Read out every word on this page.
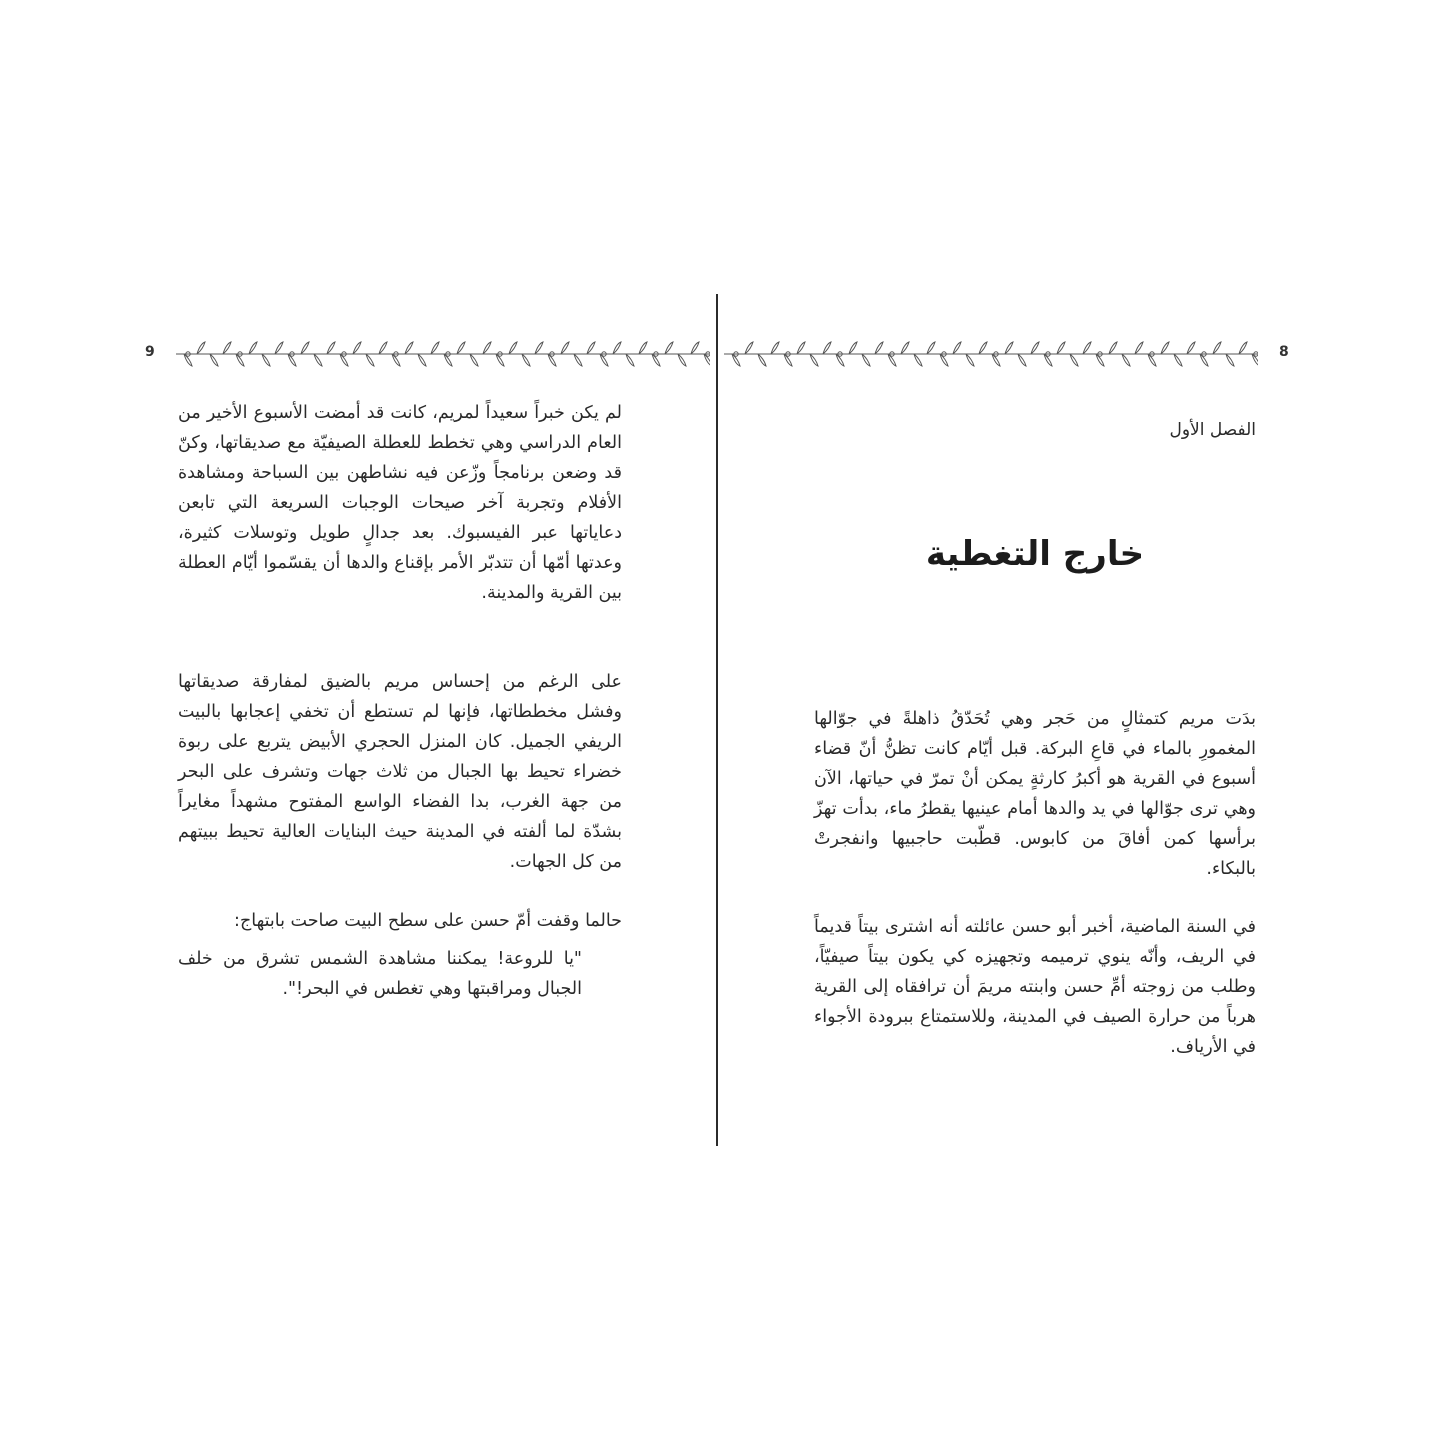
9

لم يكن خبراً سعيداً لمريم، كانت قد أمضت الأسبوع الأخير من العام الدراسي وهي تخطط للعطلة الصيفيّة مع صديقاتها، وكنّ قد وضعن برنامجاً وزّعن فيه نشاطهن بين السباحة ومشاهدة الأفلام وتجربة آخر صيحات الوجبات السريعة التي تابعن دعاياتها عبر الفيسبوك. بعد جدالٍ طويل وتوسلات كثيرة، وعدتها أمّها أن تتدبّر الأمر بإقناع والدها أن يقسّموا أيّام العطلة بين القرية والمدينة.

على الرغم من إحساس مريم بالضيق لمفارقة صديقاتها وفشل مخططاتها، فإنها لم تستطع أن تخفي إعجابها بالبيت الريفي الجميل. كان المنزل الحجري الأبيض يتربع على ربوة خضراء تحيط بها الجبال من ثلاث جهات وتشرف على البحر من جهة الغرب، بدا الفضاء الواسع المفتوح مشهداً مغايراً بشدّة لما ألفته في المدينة حيث البنايات العالية تحيط ببيتهم من كل الجهات.

حالما وقفت أمّ حسن على سطح البيت صاحت بابتهاج:

"يا للروعة! يمكننا مشاهدة الشمس تشرق من خلف الجبال ومراقبتها وهي تغطس في البحر!".

8
الفصل الأول
خارج التغطية

بدَت مريم كتمثالٍ من حَجر وهي تُحَدّقُ ذاهلةً في جوّالها المغمورِ بالماء في قاعِ البركة. قبل أيّام كانت تظنُّ أنّ قضاء أسبوع في القرية هو أكبرُ كارثةٍ يمكن أنْ تمرّ في حياتها، الآن وهي ترى جوّالها في يد والدها أمام عينيها يقطرُ ماء، بدأت تهزّ برأسها كمن أفاقَ من كابوس. قطّبت حاجبيها وانفجرتْ بالبكاء.

في السنة الماضية، أخبر أبو حسن عائلته أنه اشترى بيتاً قديماً في الريف، وأنّه ينوي ترميمه وتجهيزه كي يكون بيتاً صيفيّاً، وطلب من زوجته أمِّ حسن وابنته مريمَ أن ترافقاه إلى القرية هرباً من حرارة الصيف في المدينة، وللاستمتاع ببرودة الأجواء في الأرياف.
